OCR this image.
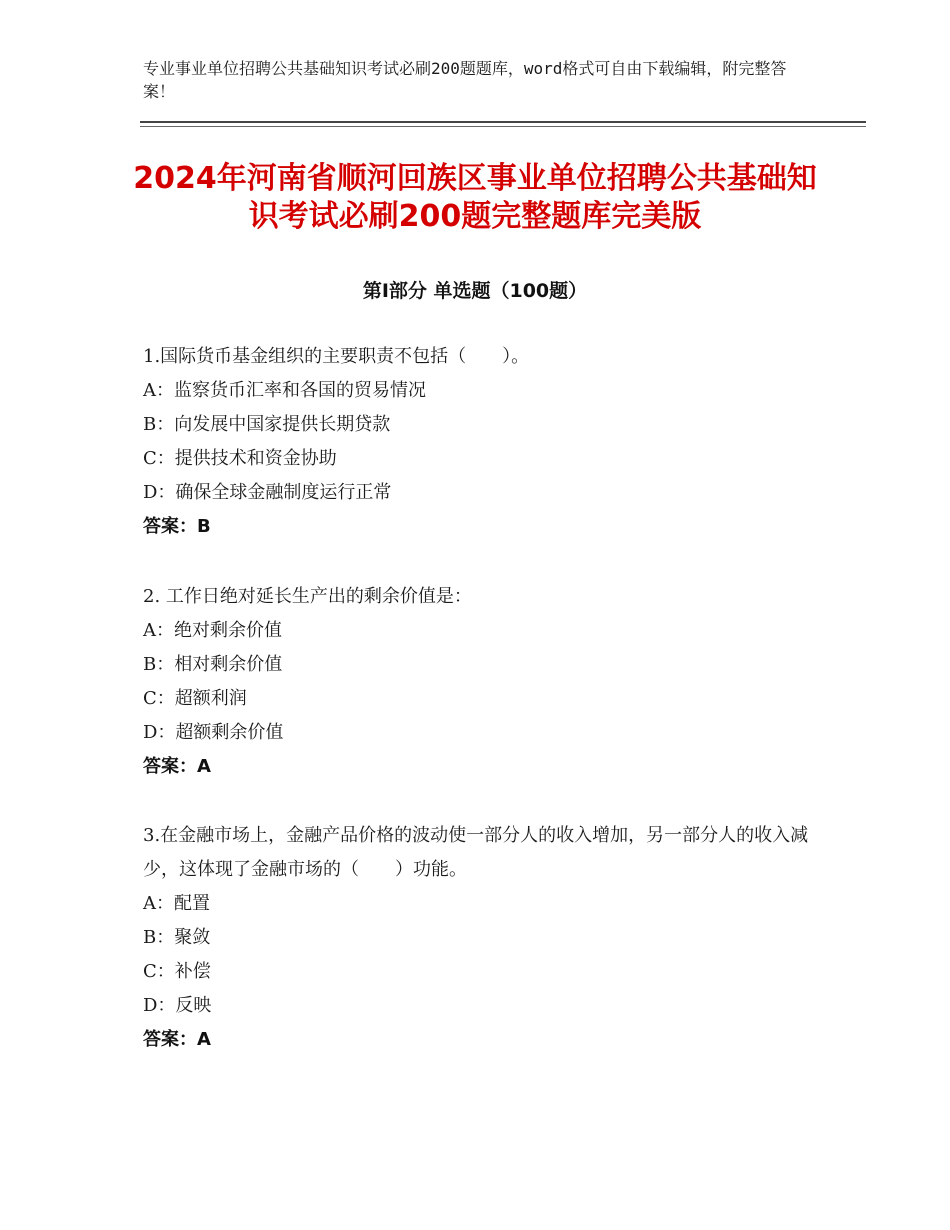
专业事业单位招聘公共基础知识考试必刷200题题库，word格式可自由下载编辑，附完整答案！
2024年河南省顺河回族区事业单位招聘公共基础知识考试必刷200题完整题库完美版
第Ⅰ部分 单选题（100题）
1.国际货币基金组织的主要职责不包括（　　）。
A：监察货币汇率和各国的贸易情况
B：向发展中国家提供长期贷款
C：提供技术和资金协助
D：确保全球金融制度运行正常
答案：B
2. 工作日绝对延长生产出的剩余价值是：
A：绝对剩余价值
B：相对剩余价值
C：超额利润
D：超额剩余价值
答案：A
3.在金融市场上，金融产品价格的波动使一部分人的收入增加，另一部分人的收入减少，这体现了金融市场的（　　）功能。
A：配置
B：聚敛
C：补偿
D：反映
答案：A
